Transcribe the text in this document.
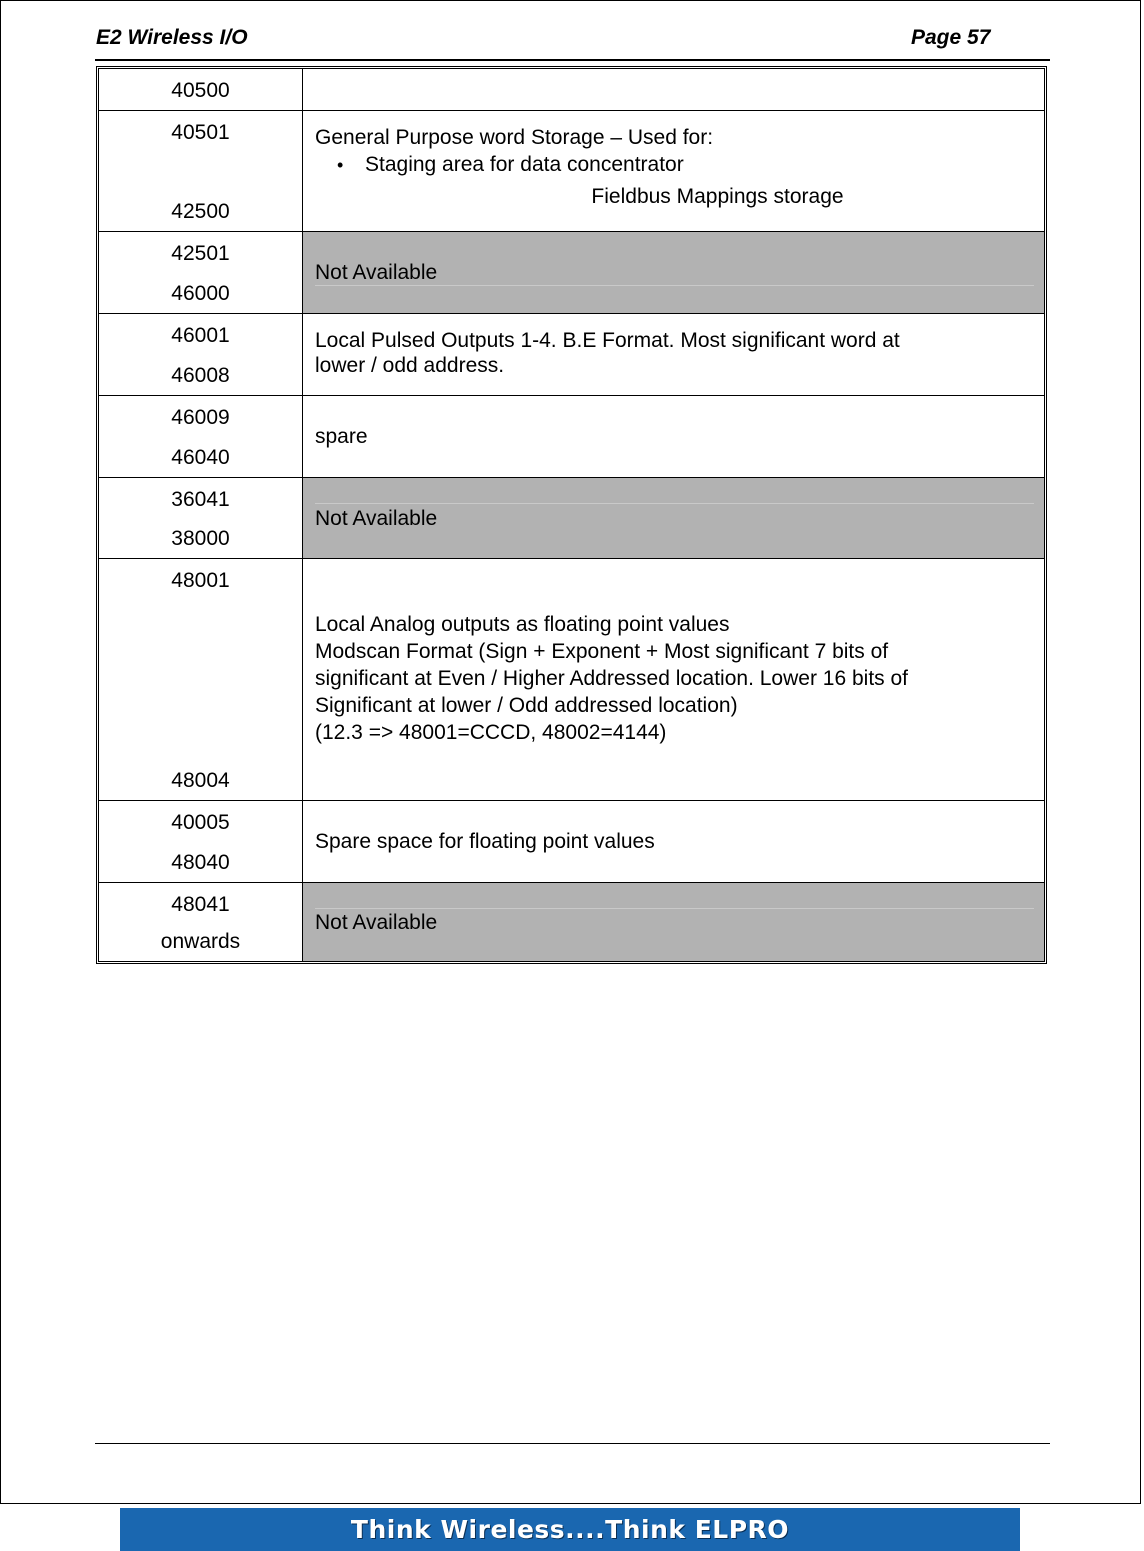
E2 Wireless I/O	Page 57
40500
40501
42500
General Purpose word Storage – Used for:
•	Staging area for data concentrator
Fieldbus Mappings storage
42501
46000
Not Available
46001
46008
Local Pulsed Outputs 1-4. B.E Format. Most significant word at
lower / odd address.
46009
46040
spare
36041
38000
Not Available
48001
48004
Local Analog outputs as floating point values
Modscan Format (Sign + Exponent + Most significant 7 bits of
significant at Even / Higher Addressed location. Lower 16 bits of
Significant at lower / Odd addressed location)
(12.3 => 48001=CCCD, 48002=4144)
40005
48040
Spare space for floating point values
48041
onwards
Not Available
Think Wireless....Think ELPRO
